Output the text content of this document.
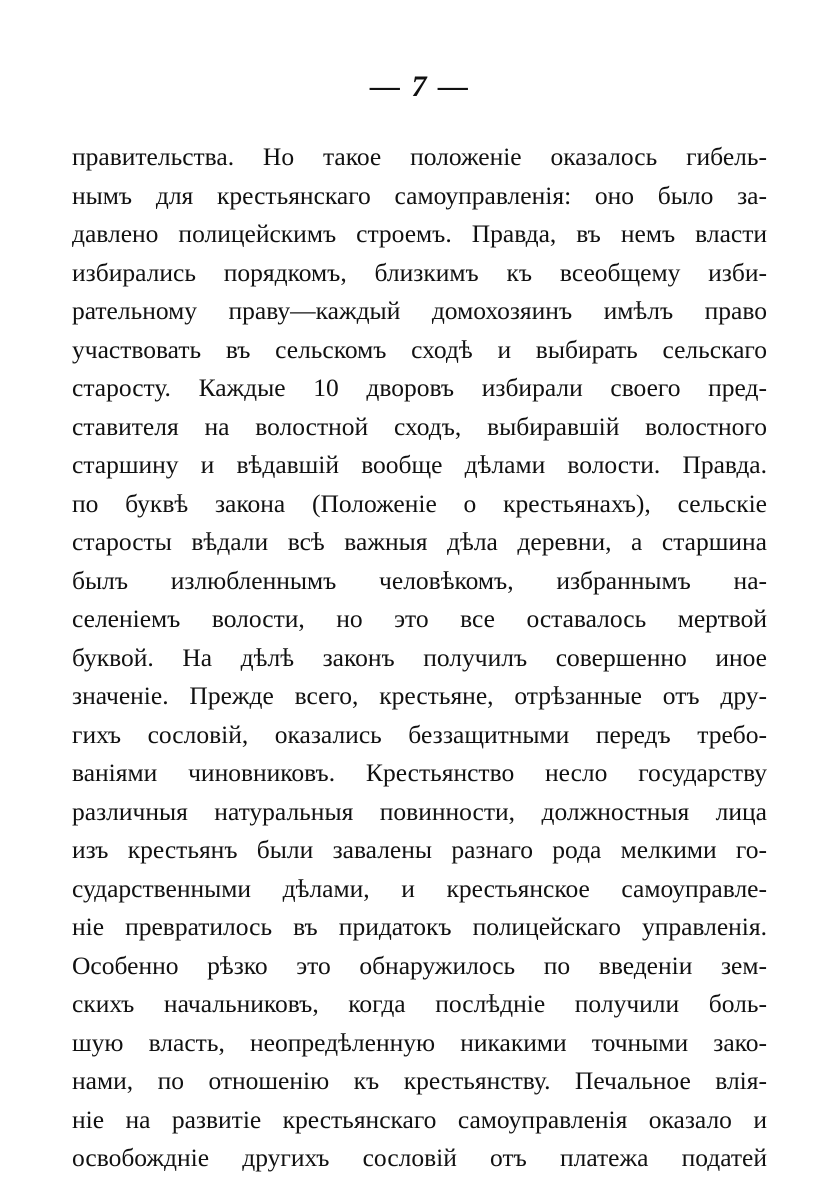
— 7 —
правительства. Но такое положенiе оказалось гибель-
нымъ для крестьянскаго самоуправленiя: оно было за-
давлено полицейскимъ строемъ. Правда, въ немъ власти
избирались порядкомъ, близкимъ къ всеобщему изби-
рательному праву—каждый домохозяинъ имѣлъ право
участвовать въ сельскомъ сходѣ и выбирать сельскаго
старосту. Каждые 10 дворовъ избирали своего пред-
ставителя на волостной сходъ, выбиравшiй волостного
старшину и вѣдавшiй вообще дѣлами волости. Правда.
по буквѣ закона (Положенiе о крестьянахъ), сельскiе
старосты вѣдали всѣ важныя дѣла деревни, а старшина
былъ излюбленнымъ человѣкомъ, избраннымъ на-
селенiемъ волости, но это все оставалось мертвой
буквой. На дѣлѣ законъ получилъ совершенно иное
значенiе. Прежде всего, крестьяне, отрѣзанные отъ дру-
гихъ сословiй, оказались беззащитными передъ требо-
ванiями чиновниковъ. Крестьянство несло государству
различныя натуральныя повинности, должностныя лица
изъ крестьянъ были завалены разнаго рода мелкими го-
сударственными дѣлами, и крестьянское самоуправле-
нiе превратилось въ придатокъ полицейскаго управленiя.
Особенно рѣзко это обнаружилось по введенiи зем-
скихъ начальниковъ, когда послѣднiе получили боль-
шую власть, неопредѣленную никакими точными зако-
нами, по отношенiю къ крестьянству. Печальное влiя-
нiе на развитiе крестьянскаго самоуправленiя оказало и
освобожднiе другихъ сословiй отъ платежа податей
